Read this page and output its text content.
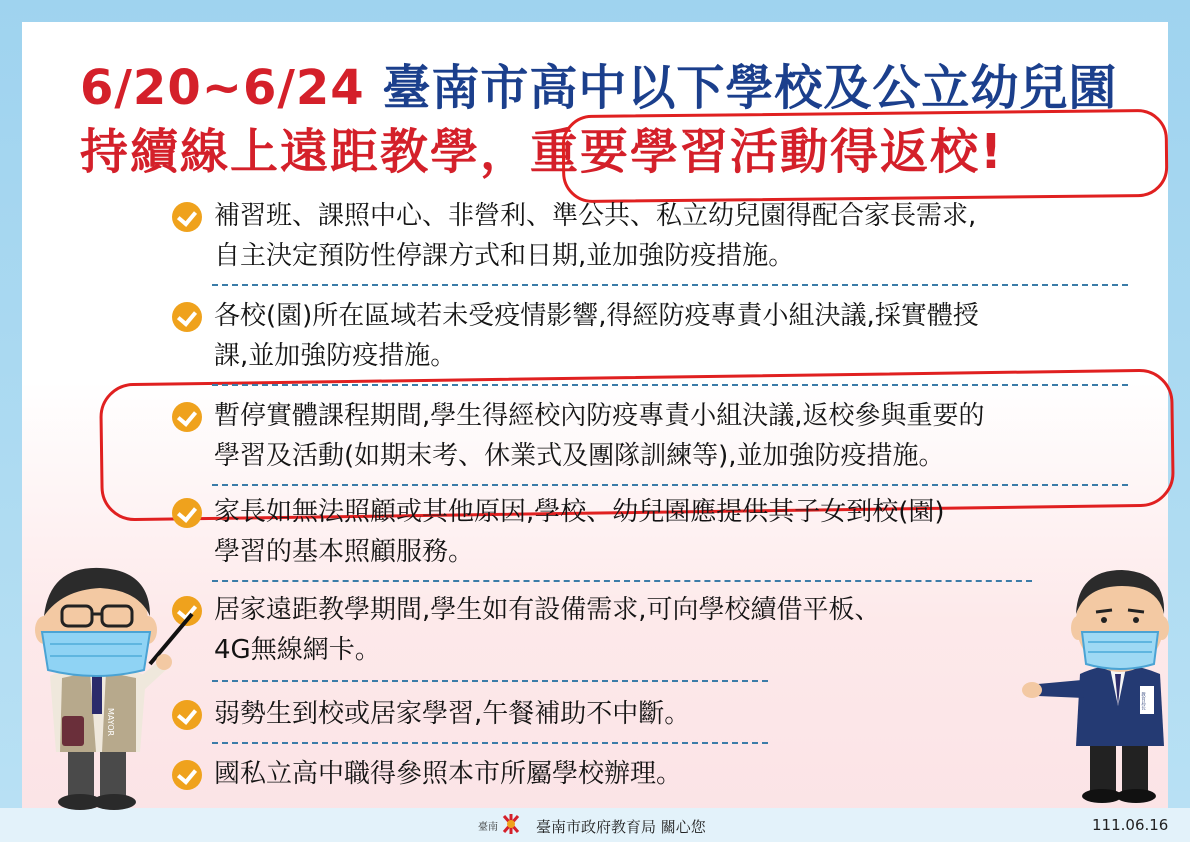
6/20~6/24 臺南市高中以下學校及公立幼兒園
持續線上遠距教學，重要學習活動得返校!
補習班、課照中心、非營利、準公共、私立幼兒園得配合家長需求,
自主決定預防性停課方式和日期,並加強防疫措施。
各校(園)所在區域若未受疫情影響,得經防疫專責小組決議,採實體授
課,並加強防疫措施。
暫停實體課程期間,學生得經校內防疫專責小組決議,返校參與重要的
學習及活動(如期末考、休業式及團隊訓練等),並加強防疫措施。
家長如無法照顧或其他原因,學校、幼兒園應提供其子女到校(園)
學習的基本照顧服務。
居家遠距教學期間,學生如有設備需求,可向學校續借平板、
4G無線網卡。
弱勢生到校或居家學習,午餐補助不中斷。
國私立高中職得參照本市所屬學校辦理。
MAYOR
教育局長
臺南	臺南市政府教育局 關心您	111.06.16
